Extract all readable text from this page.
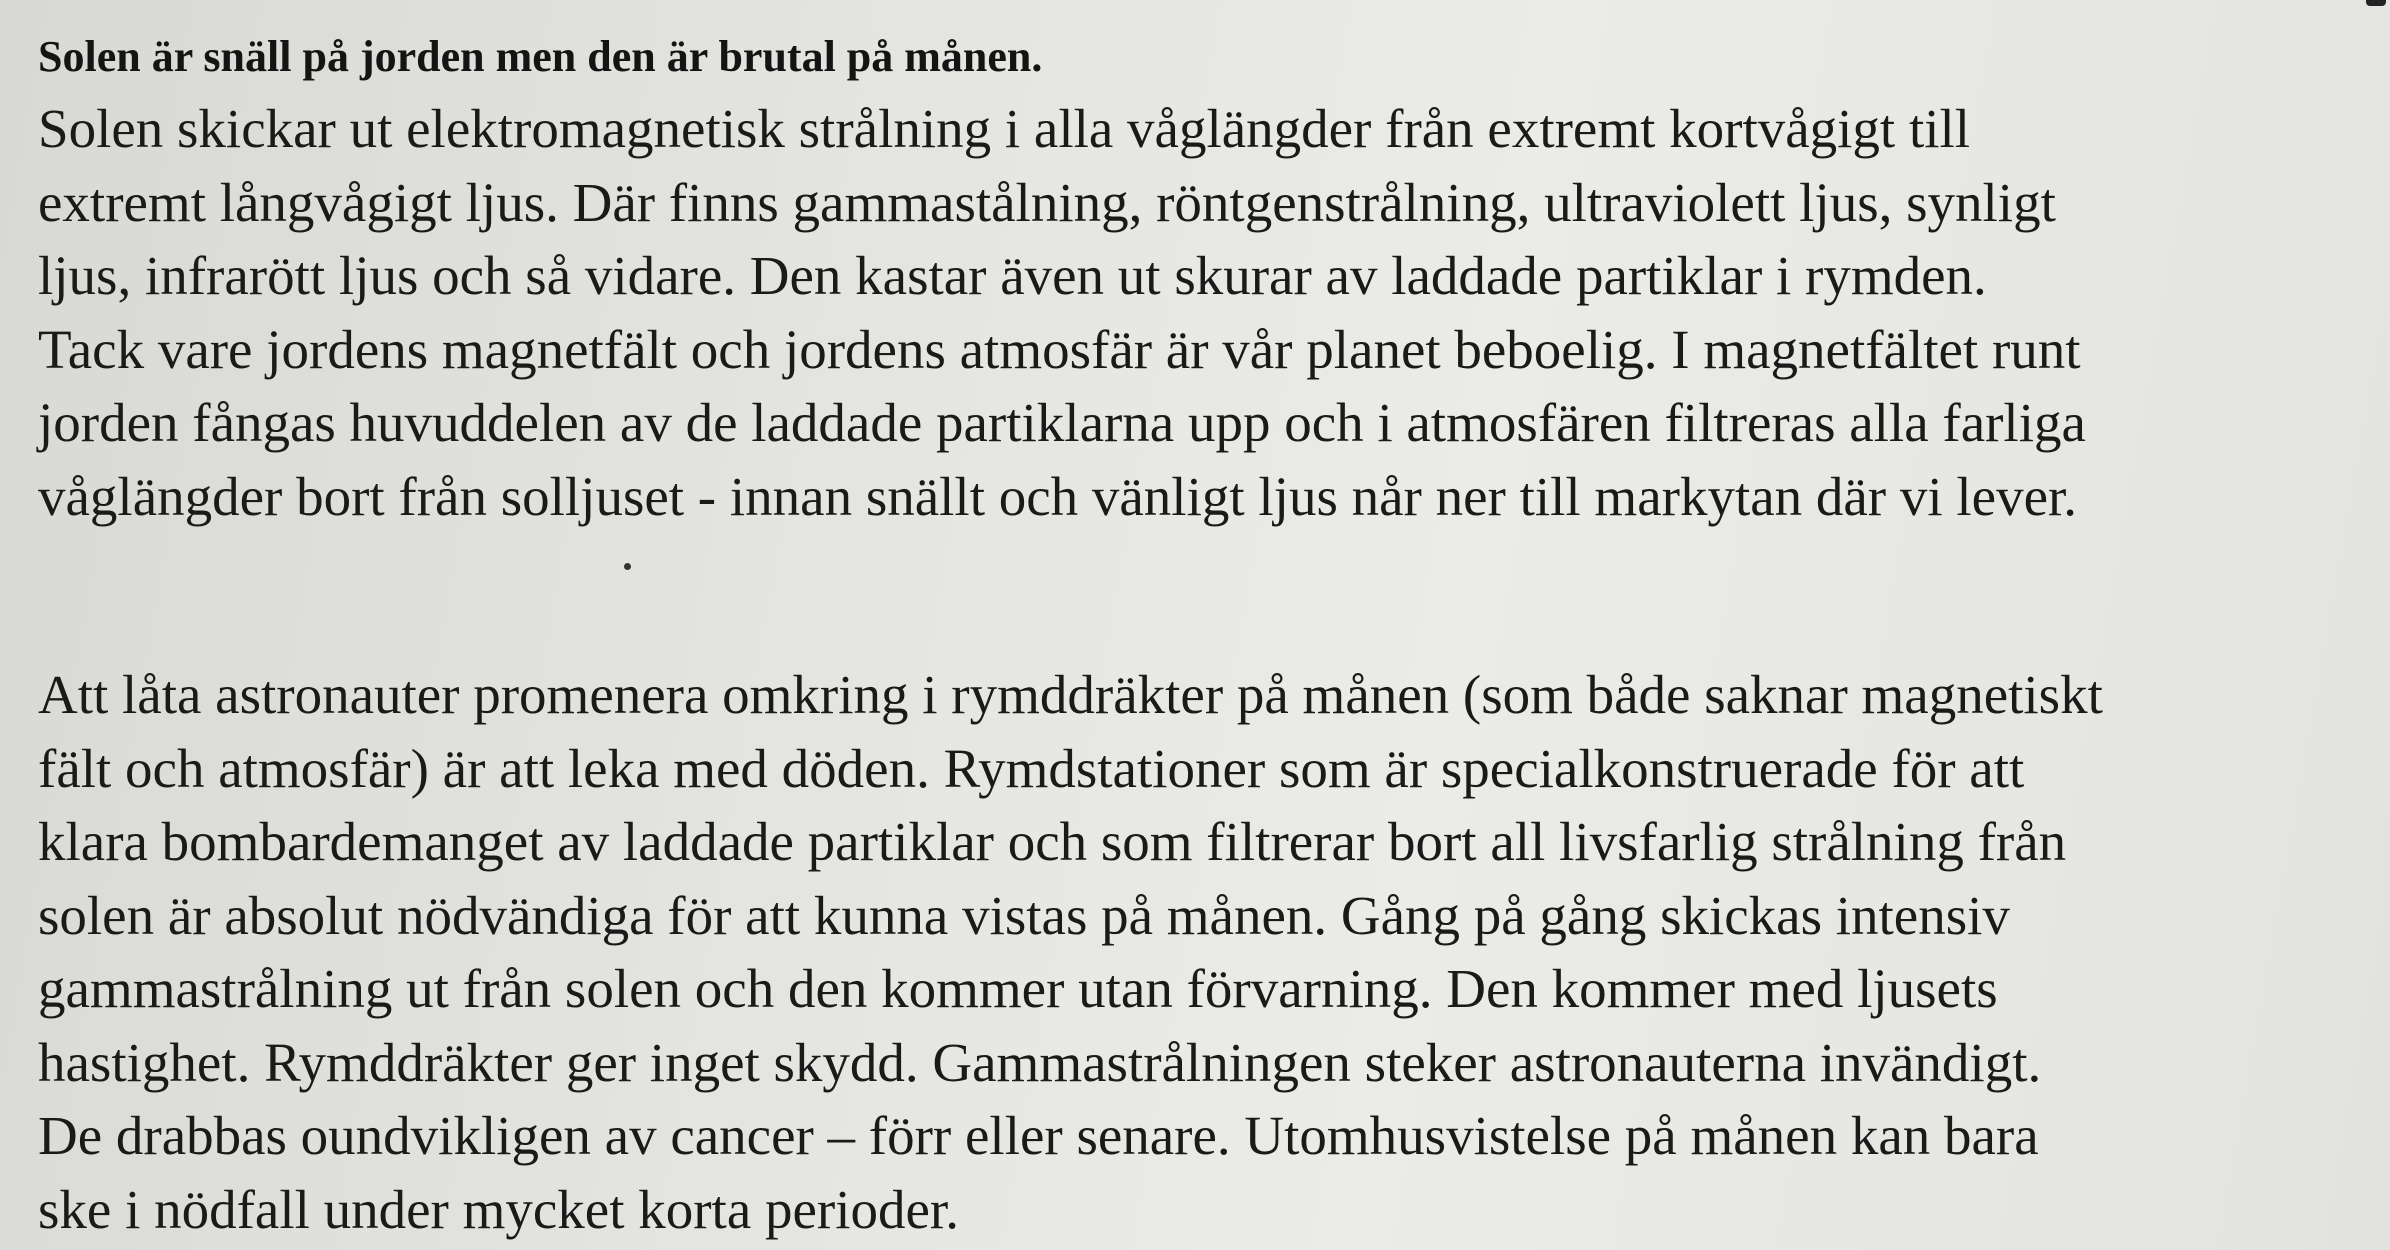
Solen är snäll på jorden men den är brutal på månen.

Solen skickar ut elektromagnetisk strålning i alla våglängder från extremt kortvågigt till

extremt långvågigt ljus. Där finns gammastålning, röntgenstrålning, ultraviolett ljus, synligt

ljus, infrarött ljus och så vidare. Den kastar även ut skurar av laddade partiklar i rymden.

Tack vare jordens magnetfält och jordens atmosfär är vår planet beboelig. I magnetfältet runt

jorden fångas huvuddelen av de laddade partiklarna upp och i atmosfären filtreras alla farliga

våglängder bort från solljuset - innan snällt och vänligt ljus når ner till markytan där vi lever.

Att låta astronauter promenera omkring i rymddräkter på månen (som både saknar magnetiskt

fält och atmosfär) är att leka med döden. Rymdstationer som är specialkonstruerade för att

klara bombardemanget av laddade partiklar och som filtrerar bort all livsfarlig strålning från

solen är absolut nödvändiga för att kunna vistas på månen. Gång på gång skickas intensiv

gammastrålning ut från solen och den kommer utan förvarning. Den kommer med ljusets

hastighet. Rymddräkter ger inget skydd. Gammastrålningen steker astronauterna invändigt.

De drabbas oundvikligen av cancer – förr eller senare. Utomhusvistelse på månen kan bara

ske i nödfall under mycket korta perioder.
